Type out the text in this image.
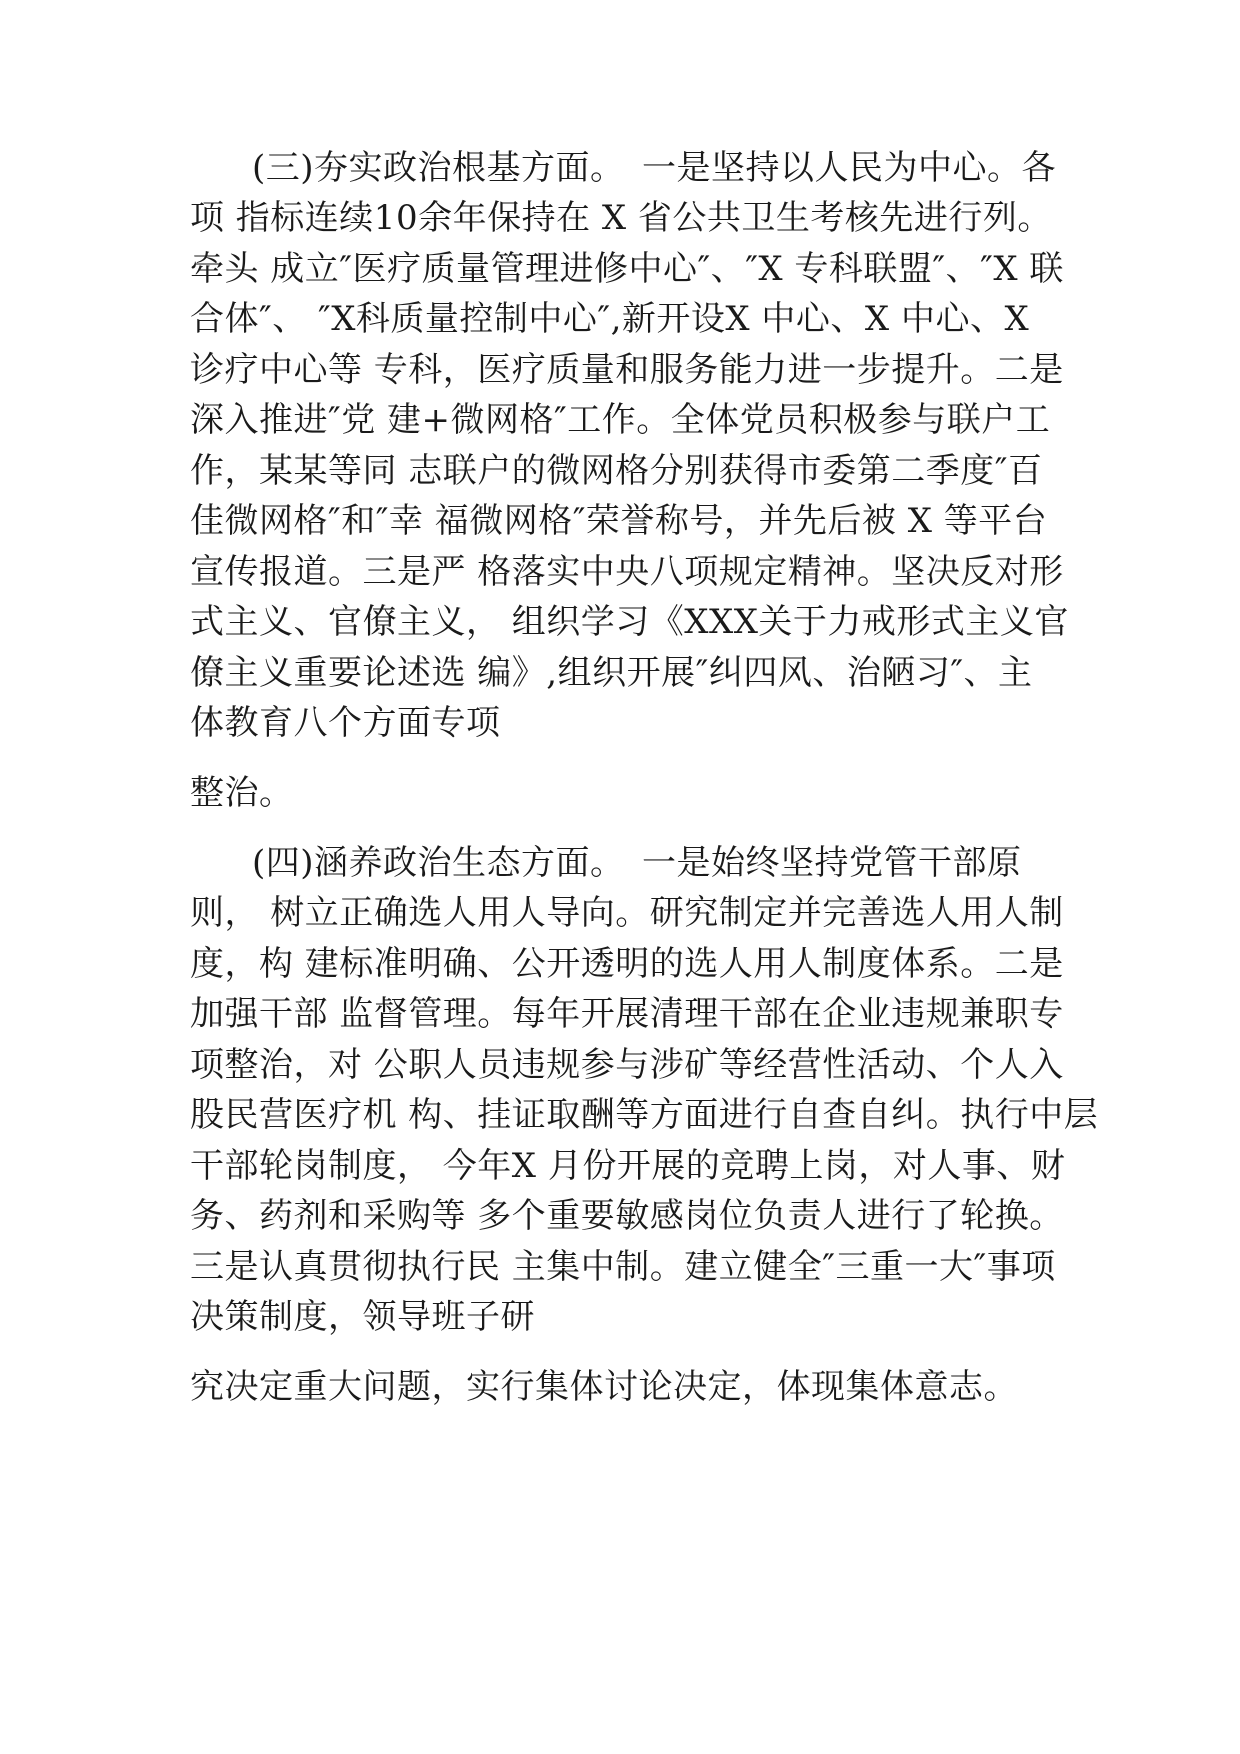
(三)夯实政治根基方面。　一是坚持以人民为中心。各
项 指标连续10余年保持在 X 省公共卫生考核先进行列。
牵头 成立″医疗质量管理进修中心″、″X 专科联盟″、″X 联
合体″、 ″X科质量控制中心″,新开设X 中心、X 中心、X
诊疗中心等 专科，医疗质量和服务能力进一步提升。二是
深入推进″党 建+微网格″工作。全体党员积极参与联户工
作，某某等同 志联户的微网格分别获得市委第二季度″百
佳微网格″和″幸 福微网格″荣誉称号，并先后被 X 等平台
宣传报道。三是严 格落实中央八项规定精神。坚决反对形
式主义、官僚主义， 组织学习《XXX关于力戒形式主义官
僚主义重要论述选 编》,组织开展″纠四风、治陋习″、主
体教育八个方面专项
整治。
(四)涵养政治生态方面。　一是始终坚持党管干部原
则， 树立正确选人用人导向。研究制定并完善选人用人制
度，构 建标准明确、公开透明的选人用人制度体系。二是
加强干部 监督管理。每年开展清理干部在企业违规兼职专
项整治，对 公职人员违规参与涉矿等经营性活动、个人入
股民营医疗机 构、挂证取酬等方面进行自查自纠。执行中层
干部轮岗制度， 今年X 月份开展的竞聘上岗，对人事、财
务、药剂和采购等 多个重要敏感岗位负责人进行了轮换。
三是认真贯彻执行民 主集中制。建立健全″三重一大″事项
决策制度，领导班子研
究决定重大问题，实行集体讨论决定，体现集体意志。
